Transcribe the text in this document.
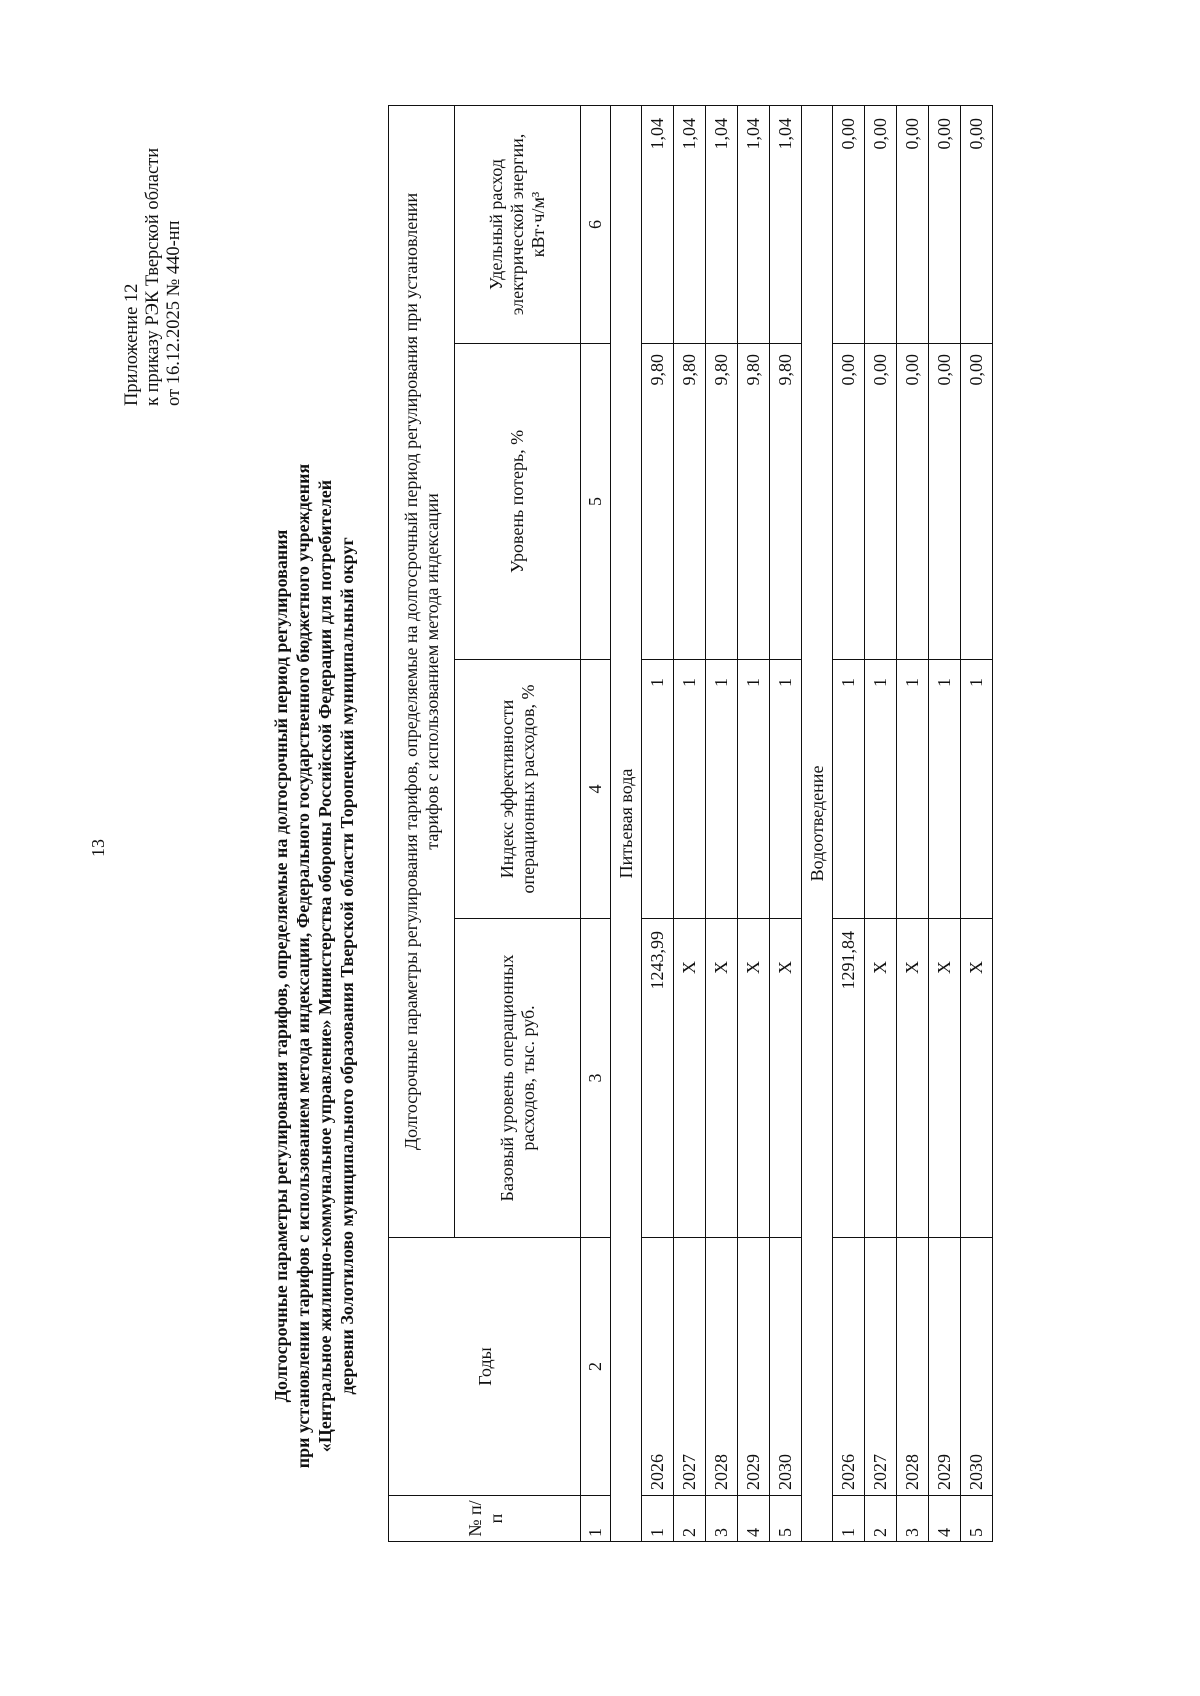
13
Приложение 12 к приказу РЭК Тверской области от 16.12.2025 № 440-нп
Долгосрочные параметры регулирования тарифов, определяемые на долгосрочный период регулирования при установлении тарифов с использованием метода индексации, Федерального государственного бюджетного учреждения «Центральное жилищно-коммунальное управление» Министерства обороны Российской Федерации для потребителей деревни Золотилово муниципального образования Тверской области Торопецкий муниципальный округ
№ п/п	Годы	Долгосрочные параметры регулирования тарифов, определяемые на долгосрочный период регулирования при установлении тарифов с использованием метода индексации			
		Базовый уровень операционных расходов, тыс. руб.	Индекс эффективности операционных расходов, %	Уровень потерь, %	Удельный расход электрической энергии, кВт·ч/м³
1	2	3	4	5	6
Питьевая вода					
1	2026	1243,99	1	9,80	1,04
2	2027	X	1	9,80	1,04
3	2028	X	1	9,80	1,04
4	2029	X	1	9,80	1,04
5	2030	X	1	9,80	1,04
Водоотведение					
1	2026	1291,84	1	0,00	0,00
2	2027	X	1	0,00	0,00
3	2028	X	1	0,00	0,00
4	2029	X	1	0,00	0,00
5	2030	X	1	0,00	0,00
